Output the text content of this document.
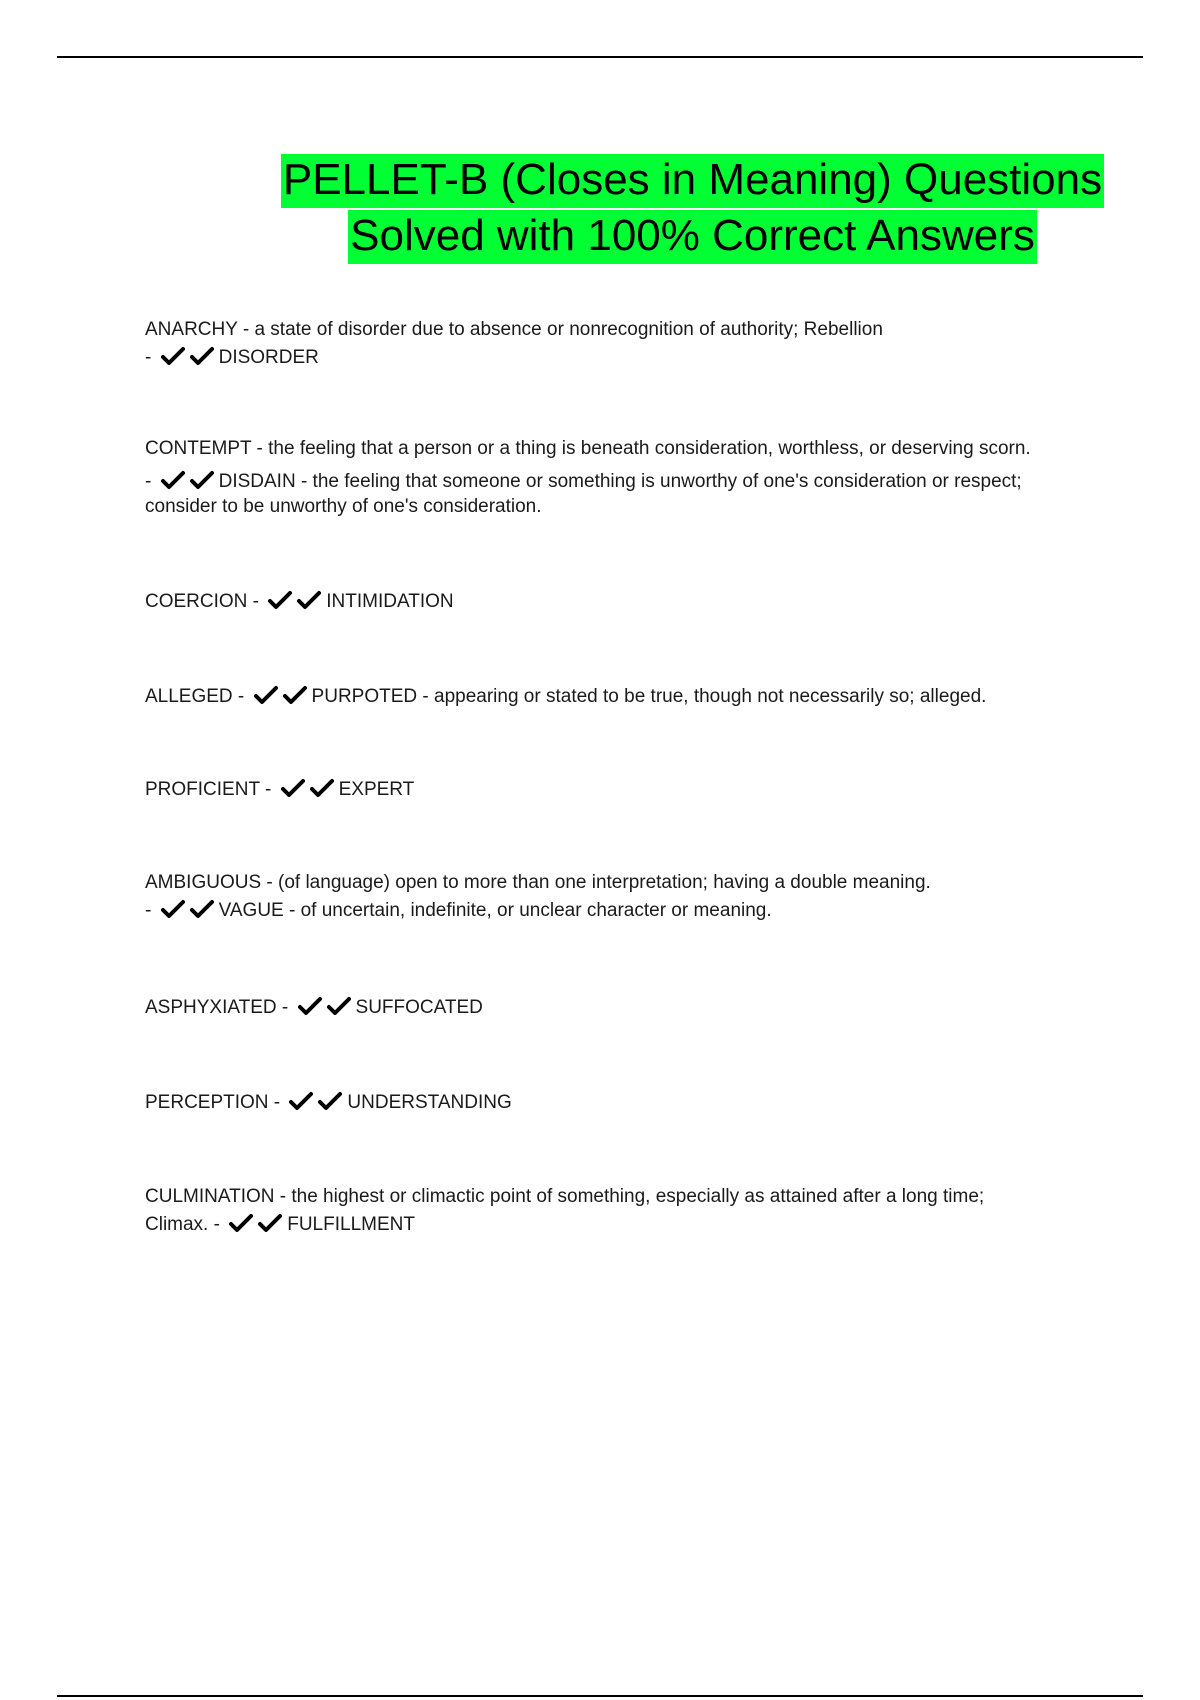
PELLET-B (Closes in Meaning) Questions
Solved with 100% Correct Answers

ANARCHY - a state of disorder due to absence or nonrecognition of authority; Rebellion

-	DISORDER

CONTEMPT - the feeling that a person or a thing is beneath consideration, worthless, or deserving scorn.

-	DISDAIN - the feeling that someone or something is unworthy of one's consideration or respect; consider to be unworthy of one's consideration.

COERCION -	INTIMIDATION

ALLEGED -	PURPOTED - appearing or stated to be true, though not necessarily so; alleged.

PROFICIENT -	EXPERT

AMBIGUOUS - (of language) open to more than one interpretation; having a double meaning.

-	VAGUE - of uncertain, indefinite, or unclear character or meaning.

ASPHYXIATED -	SUFFOCATED

PERCEPTION -	UNDERSTANDING

CULMINATION - the highest or climactic point of something, especially as attained after a long time;

Climax. -	FULFILLMENT
